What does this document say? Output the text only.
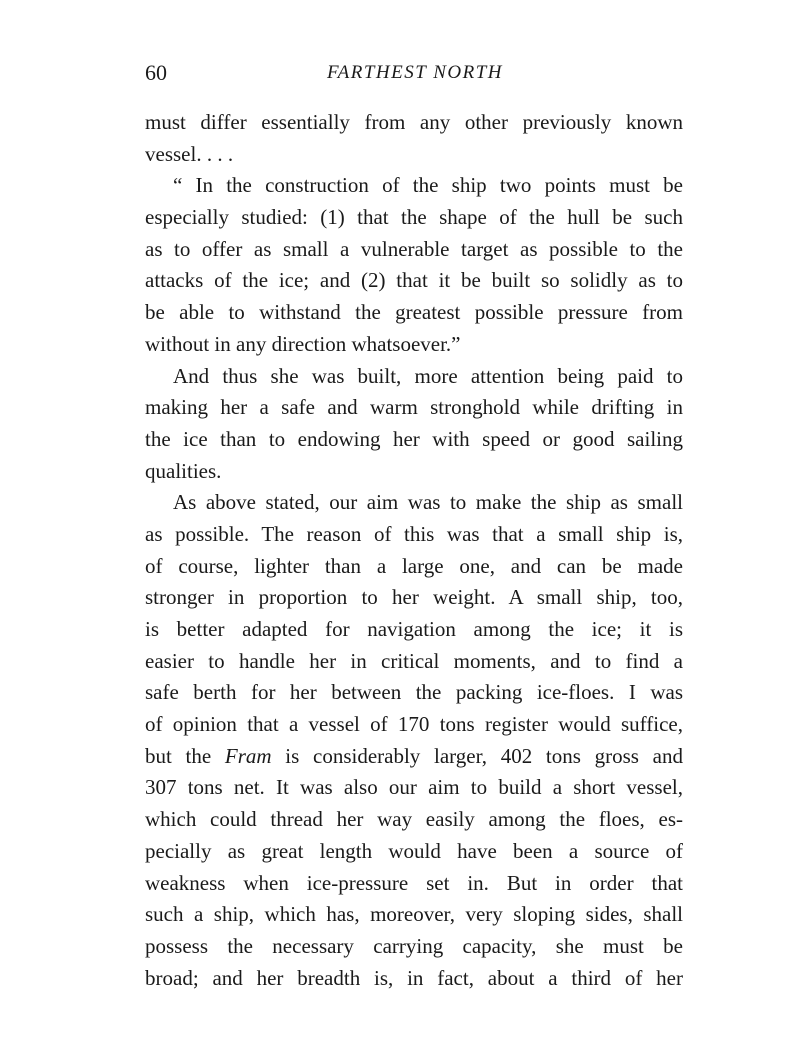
60	FARTHEST NORTH
must differ essentially from any other previously known
vessel. . . .
“ In the construction of the ship two points must be
especially studied: (1) that the shape of the hull be such
as to offer as small a vulnerable target as possible to the
attacks of the ice; and (2) that it be built so solidly as to
be able to withstand the greatest possible pressure from
without in any direction whatsoever.”
And thus she was built, more attention being paid to
making her a safe and warm stronghold while drifting in
the ice than to endowing her with speed or good sailing
qualities.
As above stated, our aim was to make the ship as small
as possible. The reason of this was that a small ship is,
of course, lighter than a large one, and can be made
stronger in proportion to her weight. A small ship, too,
is better adapted for navigation among the ice; it is
easier to handle her in critical moments, and to find a
safe berth for her between the packing ice-floes. I was
of opinion that a vessel of 170 tons register would suffice,
but the Fram is considerably larger, 402 tons gross and
307 tons net. It was also our aim to build a short vessel,
which could thread her way easily among the floes, es-
pecially as great length would have been a source of
weakness when ice-pressure set in. But in order that
such a ship, which has, moreover, very sloping sides, shall
possess the necessary carrying capacity, she must be
broad; and her breadth is, in fact, about a third of her
